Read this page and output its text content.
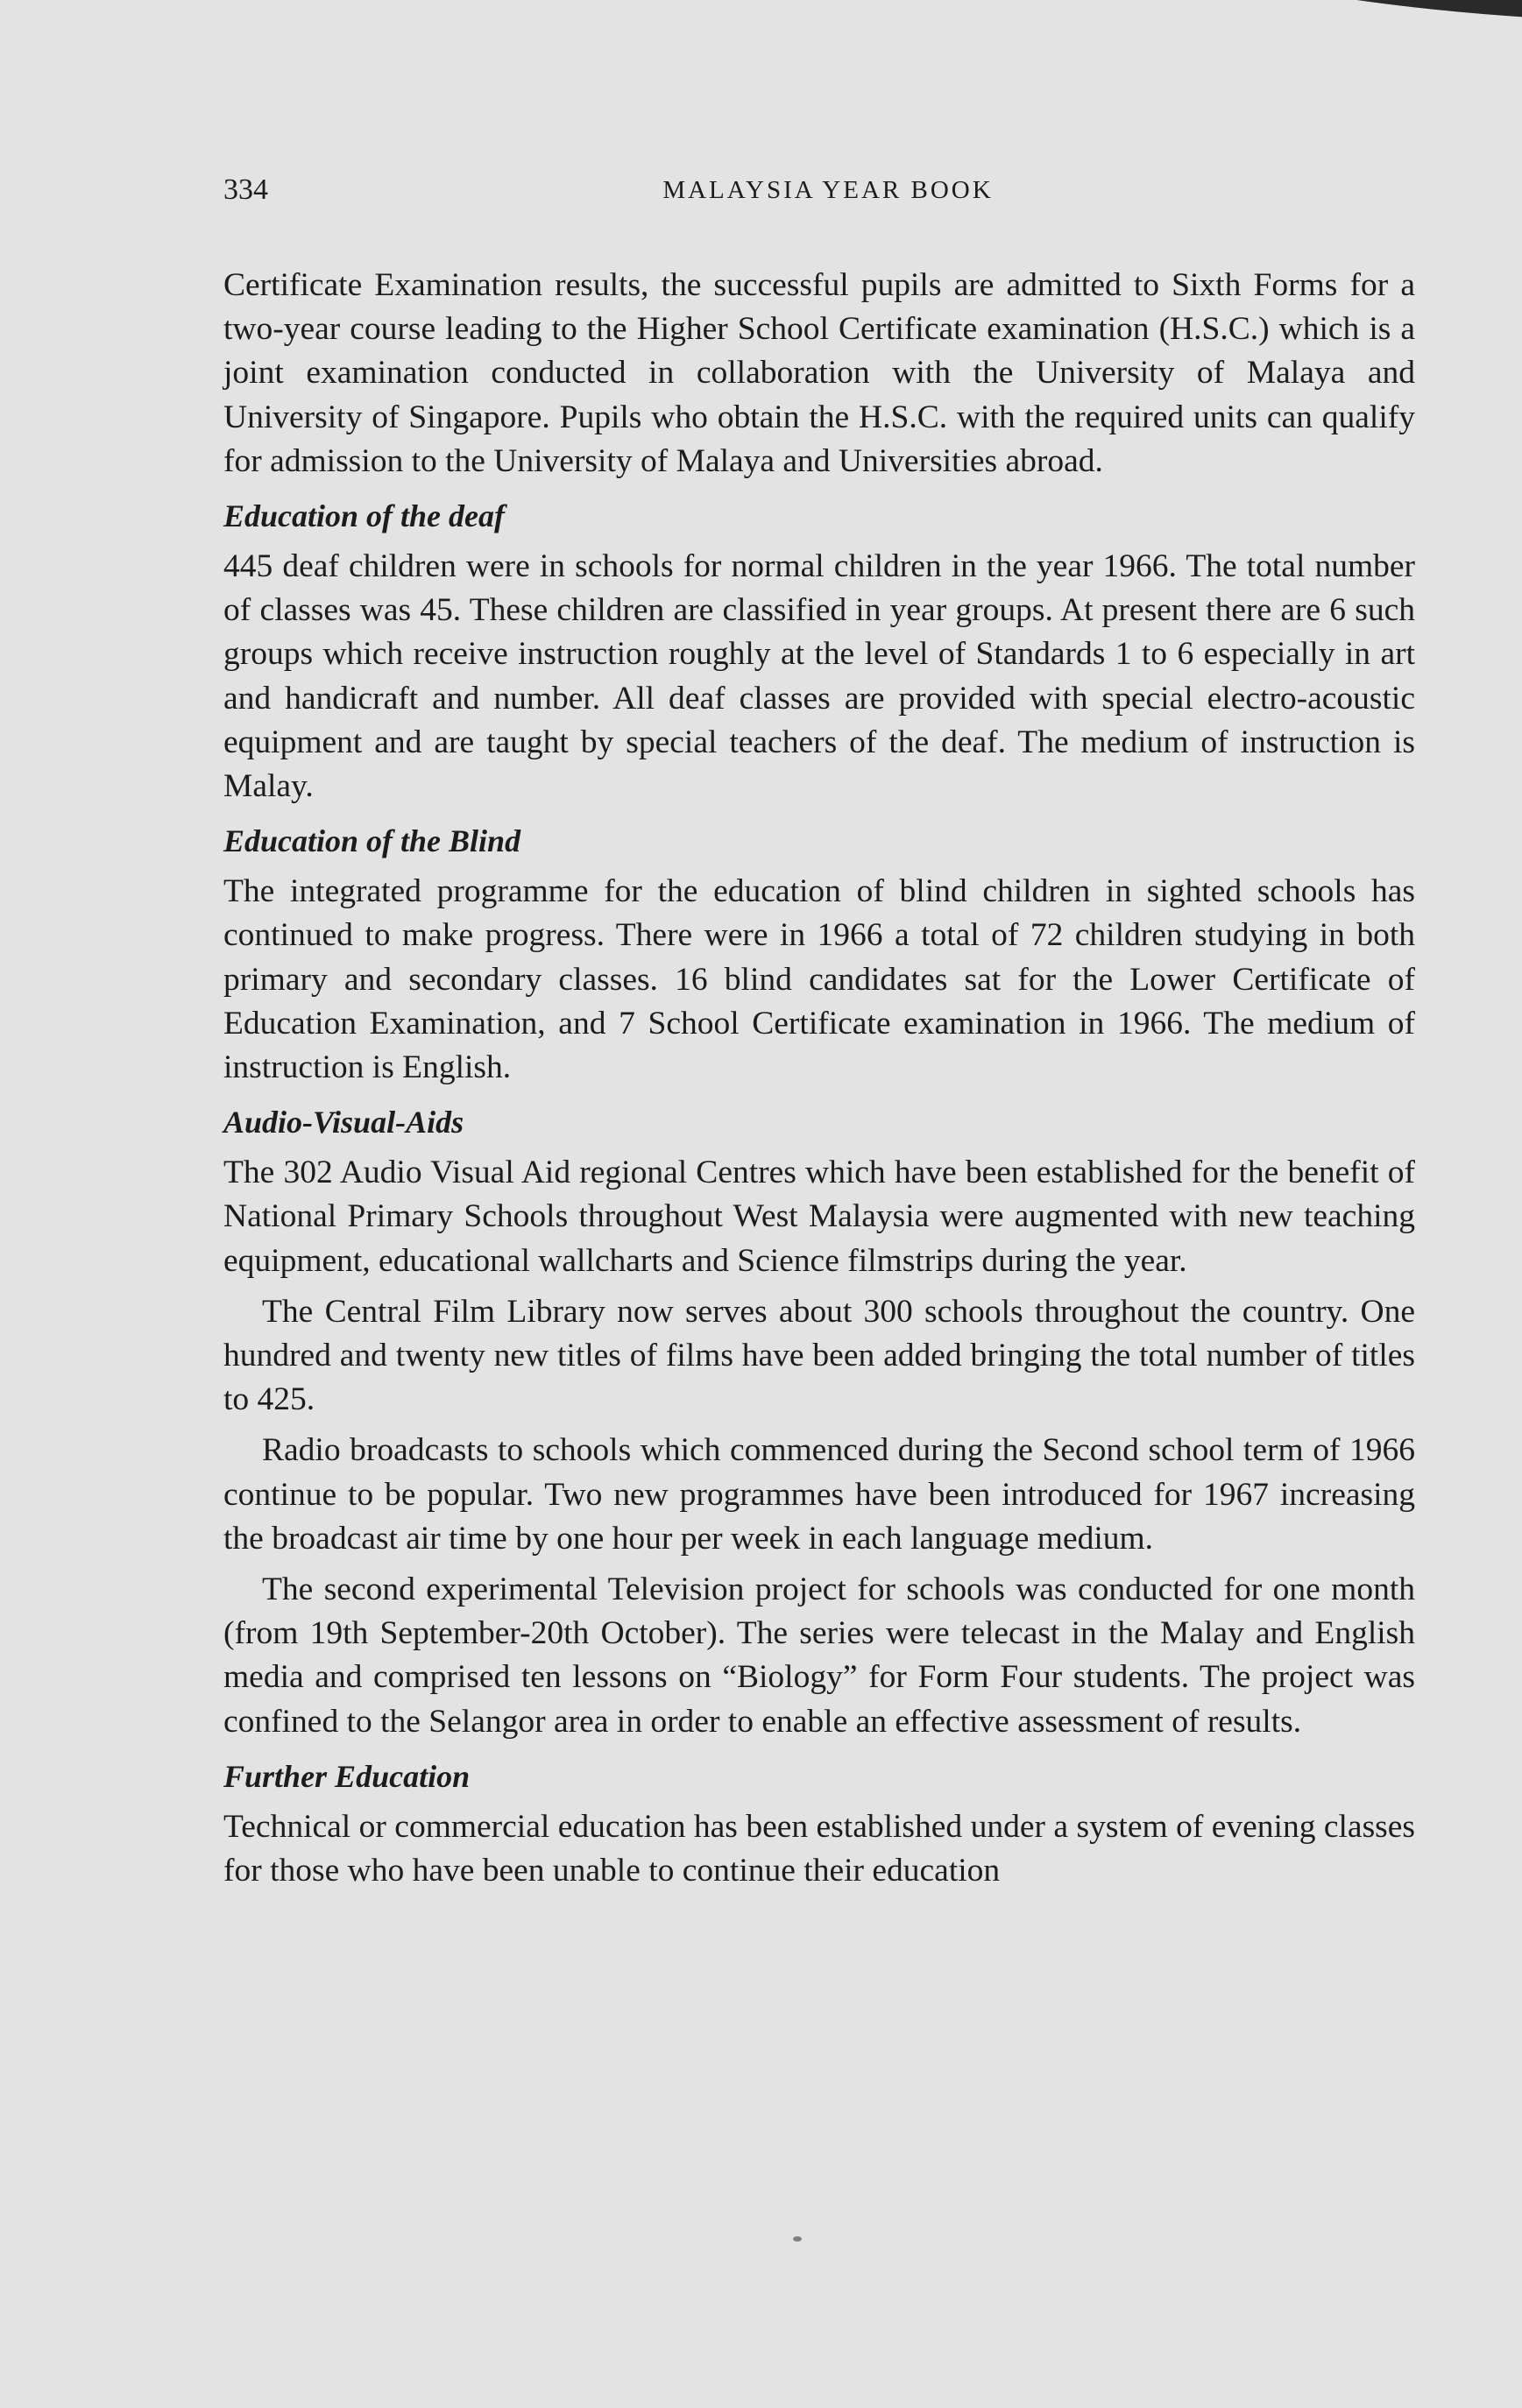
334	MALAYSIA YEAR BOOK

Certificate Examination results, the successful pupils are admitted to Sixth Forms for a two-year course leading to the Higher School Certificate examination (H.S.C.) which is a joint examination conducted in collaboration with the University of Malaya and University of Singapore. Pupils who obtain the H.S.C. with the required units can qualify for admission to the University of Malaya and Universities abroad.

Education of the deaf

445 deaf children were in schools for normal children in the year 1966. The total number of classes was 45. These children are classified in year groups. At present there are 6 such groups which receive instruction roughly at the level of Standards 1 to 6 especially in art and handicraft and number. All deaf classes are provided with special electro-acoustic equipment and are taught by special teachers of the deaf. The medium of instruction is Malay.

Education of the Blind

The integrated programme for the education of blind children in sighted schools has continued to make progress. There were in 1966 a total of 72 children studying in both primary and secondary classes. 16 blind candidates sat for the Lower Certificate of Education Examination, and 7 School Certificate examination in 1966. The medium of instruction is English.

Audio-Visual-Aids

The 302 Audio Visual Aid regional Centres which have been established for the benefit of National Primary Schools throughout West Malaysia were augmented with new teaching equipment, educational wallcharts and Science filmstrips during the year.

The Central Film Library now serves about 300 schools throughout the country. One hundred and twenty new titles of films have been added bringing the total number of titles to 425.

Radio broadcasts to schools which commenced during the Second school term of 1966 continue to be popular. Two new programmes have been introduced for 1967 increasing the broadcast air time by one hour per week in each language medium.

The second experimental Television project for schools was conducted for one month (from 19th September-20th October). The series were telecast in the Malay and English media and comprised ten lessons on “Biology” for Form Four students. The project was confined to the Selangor area in order to enable an effective assessment of results.

Further Education

Technical or commercial education has been established under a system of evening classes for those who have been unable to continue their education
